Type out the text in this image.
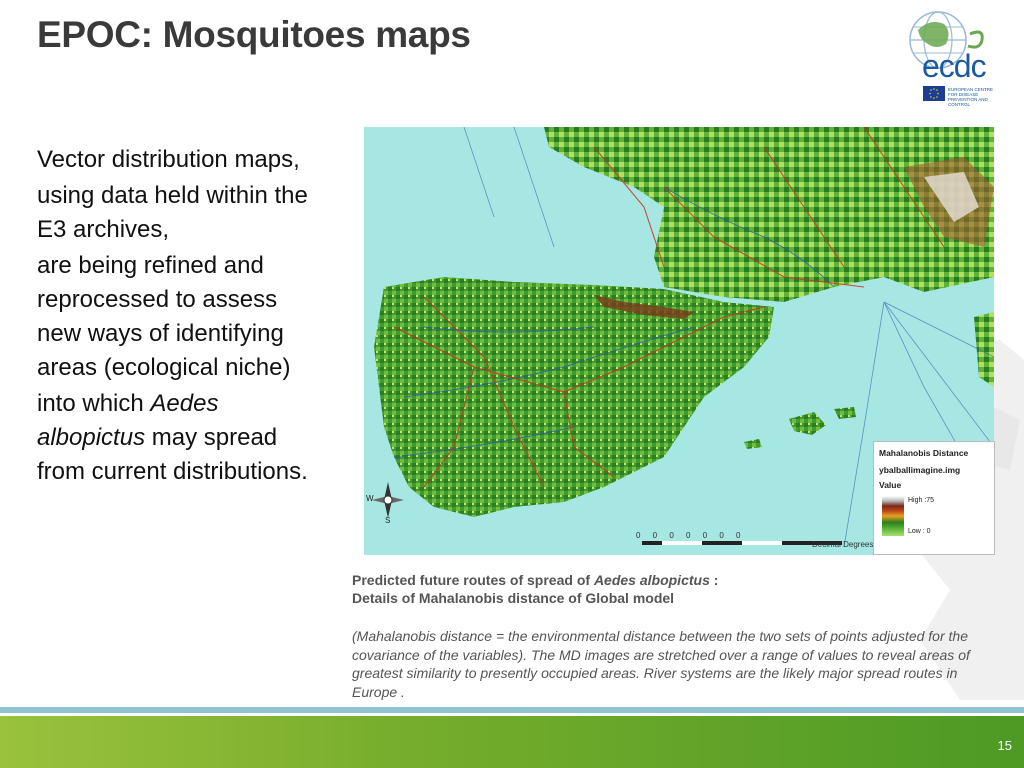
EPOC: Mosquitoes maps
ecdc
EUROPEAN CENTRE FOR DISEASE PREVENTION AND CONTROL

Vector distribution maps,

using data held within the E3 archives,

are being refined and reprocessed to assess new ways of identifying areas (ecological niche)

into which Aedes albopictus may spread from current distributions.

W
S
0 0 0 0 0 0 0
Decimal Degrees
Mahalanobis Distance
ybalballimagine.img
Value
High :75
Low : 0
Predicted future routes of spread of Aedes albopictus :
Details of Mahalanobis distance of Global model
(Mahalanobis distance = the environmental distance between the two sets of points adjusted for the covariance of the variables). The MD images are stretched over a range of values to reveal areas of greatest similarity to presently occupied areas. River systems are the likely major spread routes in Europe .
15
